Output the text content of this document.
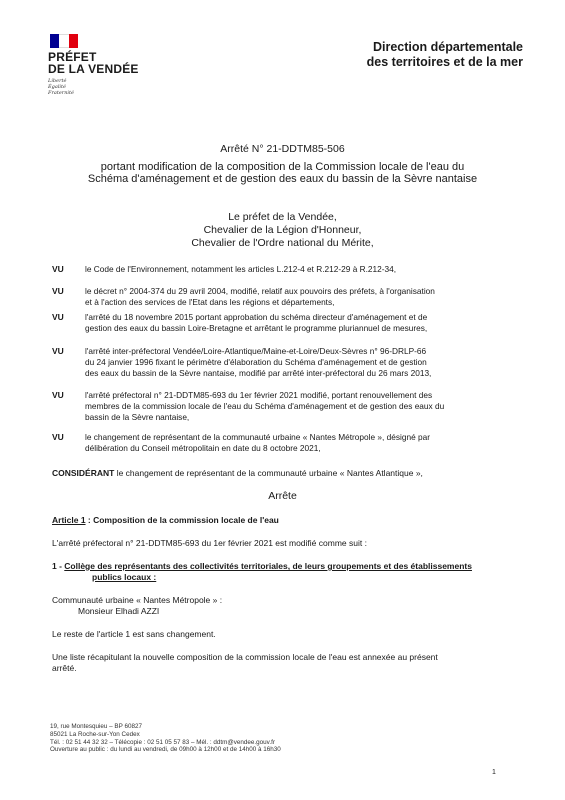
PRÉFET
DE LA VENDÉE
Liberté
Égalité
Fraternité
Direction départementale
des territoires et de la mer
Arrêté N° 21-DDTM85-506
portant modification de la composition de la Commission locale de l'eau du
Schéma d'aménagement et de gestion des eaux du bassin de la Sèvre nantaise
Le préfet de la Vendée,
Chevalier de la Légion d'Honneur,
Chevalier de l'Ordre national du Mérite,
VU	le Code de l'Environnement, notamment les articles L.212-4 et R.212-29 à R.212-34,
VU	le décret n° 2004-374 du 29 avril 2004, modifié, relatif aux pouvoirs des préfets, à l'organisation
et à l'action des services de l'Etat dans les régions et départements,
VU	l'arrêté du 18 novembre 2015 portant approbation du schéma directeur d'aménagement et de
gestion des eaux du bassin Loire-Bretagne et arrêtant le programme pluriannuel de mesures,
VU	l'arrêté inter-préfectoral Vendée/Loire-Atlantique/Maine-et-Loire/Deux-Sèvres n° 96-DRLP-66
du 24 janvier 1996 fixant le périmètre d'élaboration du Schéma d'aménagement et de gestion
des eaux du bassin de la Sèvre nantaise, modifié par arrêté inter-préfectoral du 26 mars 2013,
VU	l'arrêté préfectoral n° 21-DDTM85-693 du 1er février 2021 modifié, portant renouvellement des
membres de la commission locale de l'eau du Schéma d'aménagement et de gestion des eaux du
bassin de la Sèvre nantaise,
VU	le changement de représentant de la communauté urbaine « Nantes Métropole », désigné par
délibération du Conseil métropolitain en date du 8 octobre 2021,
CONSIDÉRANT le changement de représentant de la communauté urbaine « Nantes Atlantique »,
Arrête
Article 1 : Composition de la commission locale de l'eau
L'arrêté préfectoral n° 21-DDTM85-693 du 1er février 2021 est modifié comme suit :
1 - Collège des représentants des collectivités territoriales, de leurs groupements et des établissements
publics locaux :
Communauté urbaine « Nantes Métropole » :
Monsieur Elhadi AZZI
Le reste de l'article 1 est sans changement.
Une liste récapitulant la nouvelle composition de la commission locale de l'eau est annexée au présent
arrêté.
19, rue Montesquieu – BP 60827
85021 La Roche-sur-Yon Cedex
Tél. : 02 51 44 32 32 – Télécopie : 02 51 05 57 83 – Mél. : ddtm@vendee.gouv.fr
Ouverture au public : du lundi au vendredi, de 09h00 à 12h00 et de 14h00 à 16h30
1
